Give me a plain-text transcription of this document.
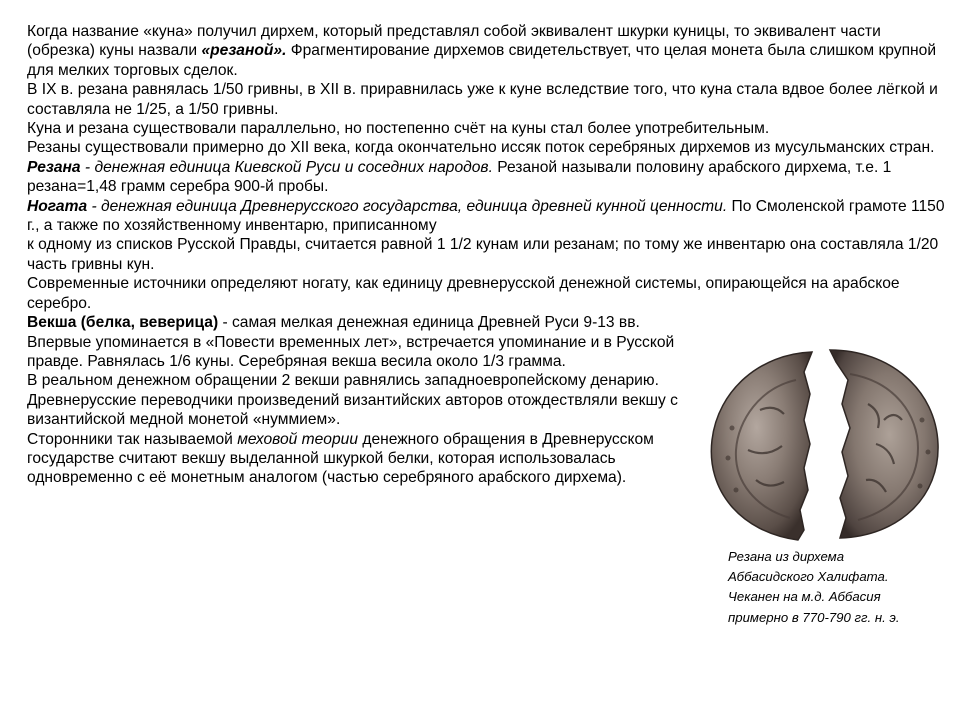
Когда название «куна» получил дирхем, который представлял собой эквивалент шкурки куницы, то эквивалент части (обрезка) куны назвали «резаной». Фрагментирование дирхемов свидетельствует, что целая монета была слишком крупной для мелких торговых сделок.

В IX в. резана равнялась 1/50 гривны, в XII в. приравнилась уже к куне вследствие того, что куна стала вдвое более лёгкой и составляла не 1/25, а 1/50 гривны.

Куна и резана существовали параллельно, но постепенно счёт на куны стал более употребительным.

Резаны существовали примерно до XII века, когда окончательно иссяк поток серебряных дирхемов из мусульманских стран.

Резана - денежная единица Киевской Руси и соседних народов. Резаной называли половину арабского дирхема, т.е. 1 резана=1,48 грамм серебра 900-й пробы.

Ногата - денежная единица Древнерусского государства, единица древней кунной ценности. По Смоленской грамоте 1150 г., а также по хозяйственному инвентарю, приписанному
к одному из списков Русской Правды, считается равной 1 1/2 кунам или резанам; по тому же инвентарю она составляла 1/20 часть гривны кун.

Современные источники определяют ногату, как единицу древнерусской денежной системы, опирающейся на арабское серебро.

Векша (белка, веверица) - самая мелкая денежная единица Древней Руси 9-13 вв. Впервые упоминается в «Повести временных лет», встречается упоминание и в Русской правде. Равнялась 1/6 куны. Серебряная векша весила около 1/3 грамма.

В реальном денежном обращении 2 векши равнялись западноевропейскому денарию. Древнерусские переводчики произведений византийских авторов отождествляли векшу с византийской медной монетой «нуммием».

Сторонники так называемой меховой теории денежного обращения в Древнерусском государстве считают векшу выделанной шкуркой белки, которая использовалась одновременно с её монетным аналогом (частью серебряного арабского дирхема).

Резана из дирхема

Аббасидского Халифата.

Чеканен на м.д. Аббасия

примерно в 770-790 гг. н. э.
